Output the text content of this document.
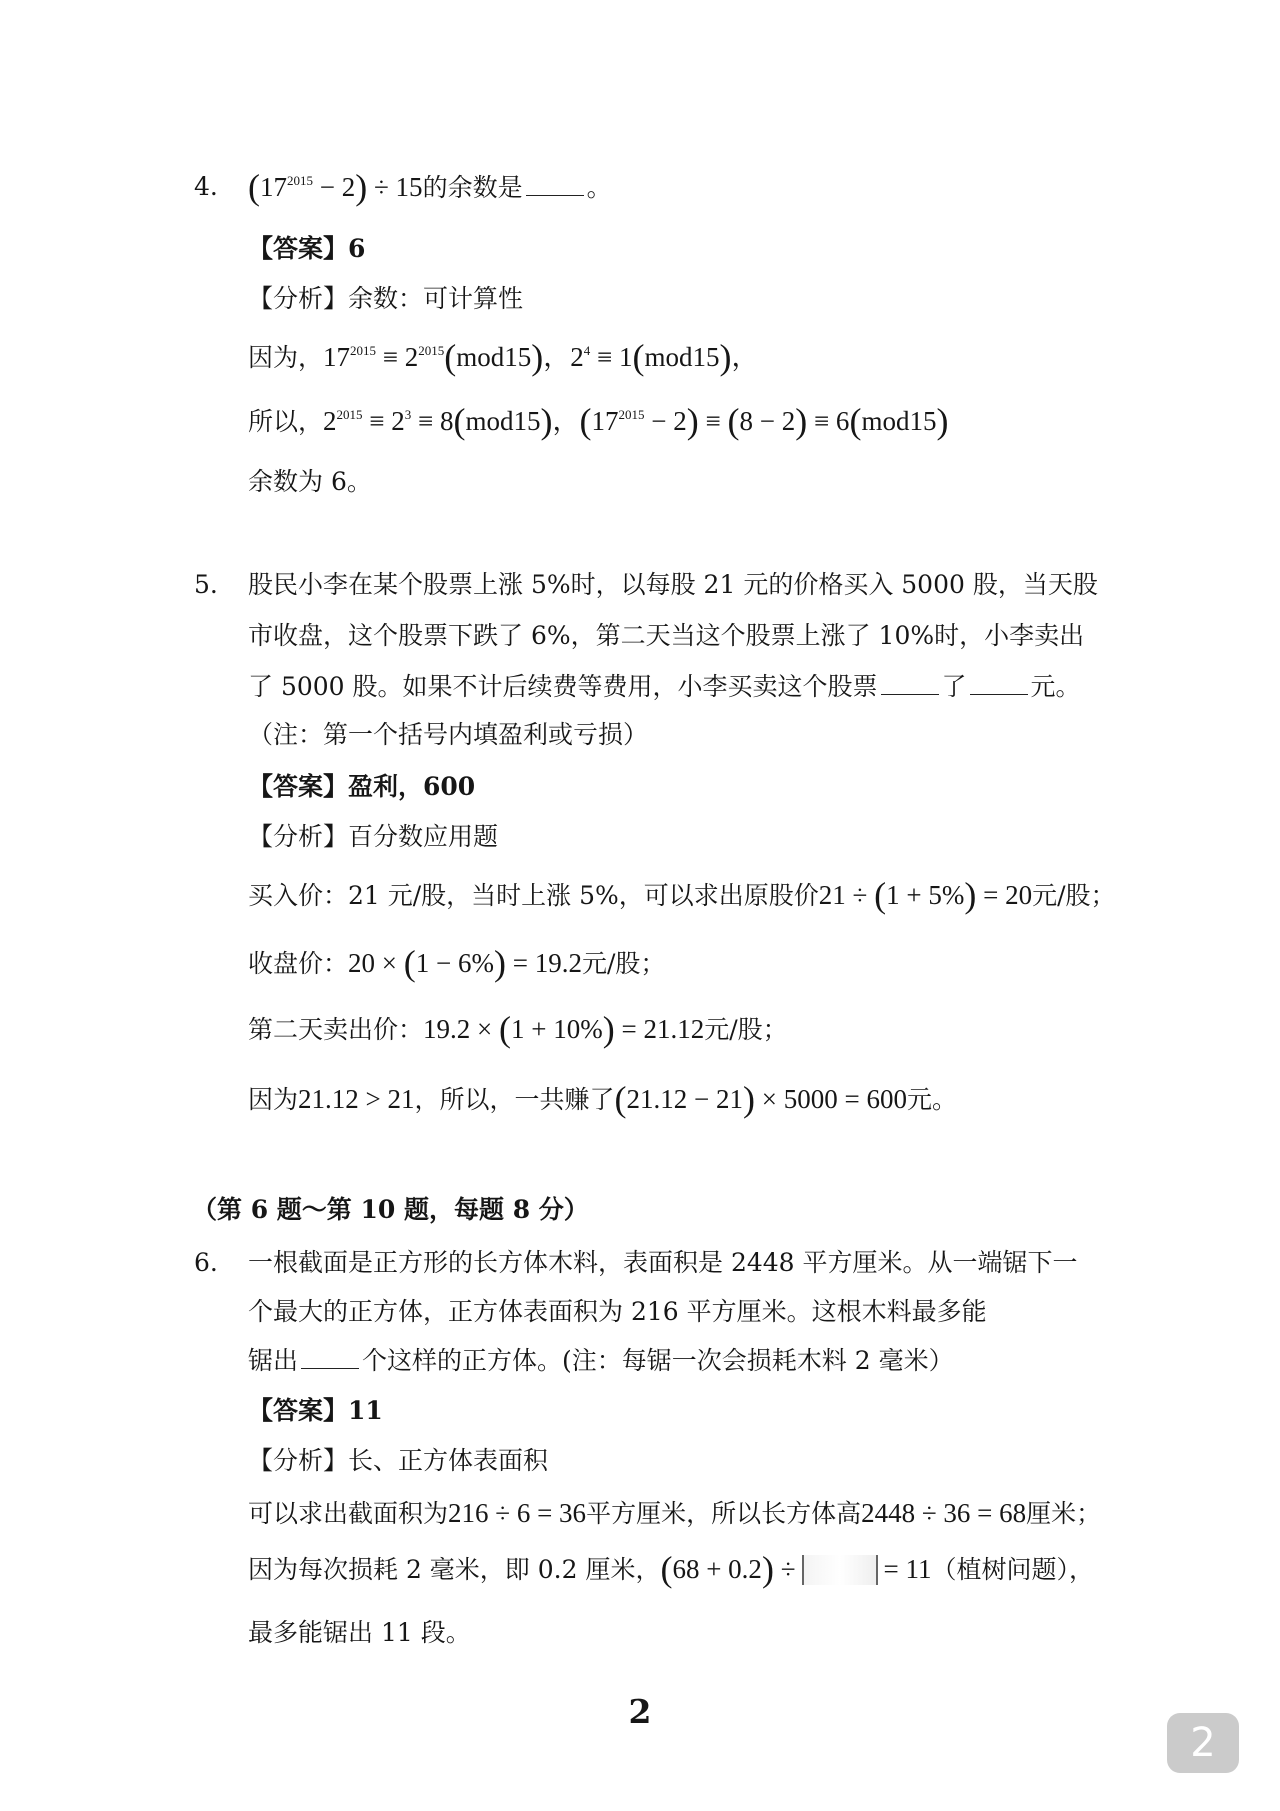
4. $(17^{2015} - 2) \div 15$的余数是	。
【答案】6
【分析】余数：可计算性
因为，$17^{2015} \equiv 2^{2015}(mod15)$，$2^4 \equiv 1(mod15)$，
所以，$2^{2015} \equiv 2^3 \equiv 8(mod15)$，$(17^{2015} - 2) \equiv (8 - 2) \equiv 6(mod15)$
余数为 6。
5. 股民小李在某个股票上涨 5%时，以每股 21 元的价格买入 5000 股，当天股
市收盘，这个股票下跌了 6%，第二天当这个股票上涨了 10%时，小李卖出
了 5000 股。如果不计后续费等费用，小李买卖这个股票	了	元。
（注：第一个括号内填盈利或亏损）
【答案】盈利，600
【分析】百分数应用题
买入价：21 元/股，当时上涨 5%，可以求出原股价21 ÷ (1 + 5%) = 20元/股；
收盘价：20 × (1 − 6%) = 19.2元/股；
第二天卖出价：19.2 × (1 + 10%) = 21.12元/股；
因为21.12 > 21，所以，一共赚了(21.12 − 21) × 5000 = 600元。
（第 6 题～第 10 题，每题 8 分）
6. 一根截面是正方形的长方体木料，表面积是 2448 平方厘米。从一端锯下一
个最大的正方体，正方体表面积为 216 平方厘米。这根木料最多能
锯出	个这样的正方体。(注：每锯一次会损耗木料 2 毫米）
【答案】11
【分析】长、正方体表面积
可以求出截面积为216 ÷ 6 = 36平方厘米，所以长方体高2448 ÷ 36 = 68厘米；
因为每次损耗 2 毫米，即 0.2 厘米，(68 + 0.2) ÷	= 11（植树问题），
最多能锯出 11 段。
2
2
